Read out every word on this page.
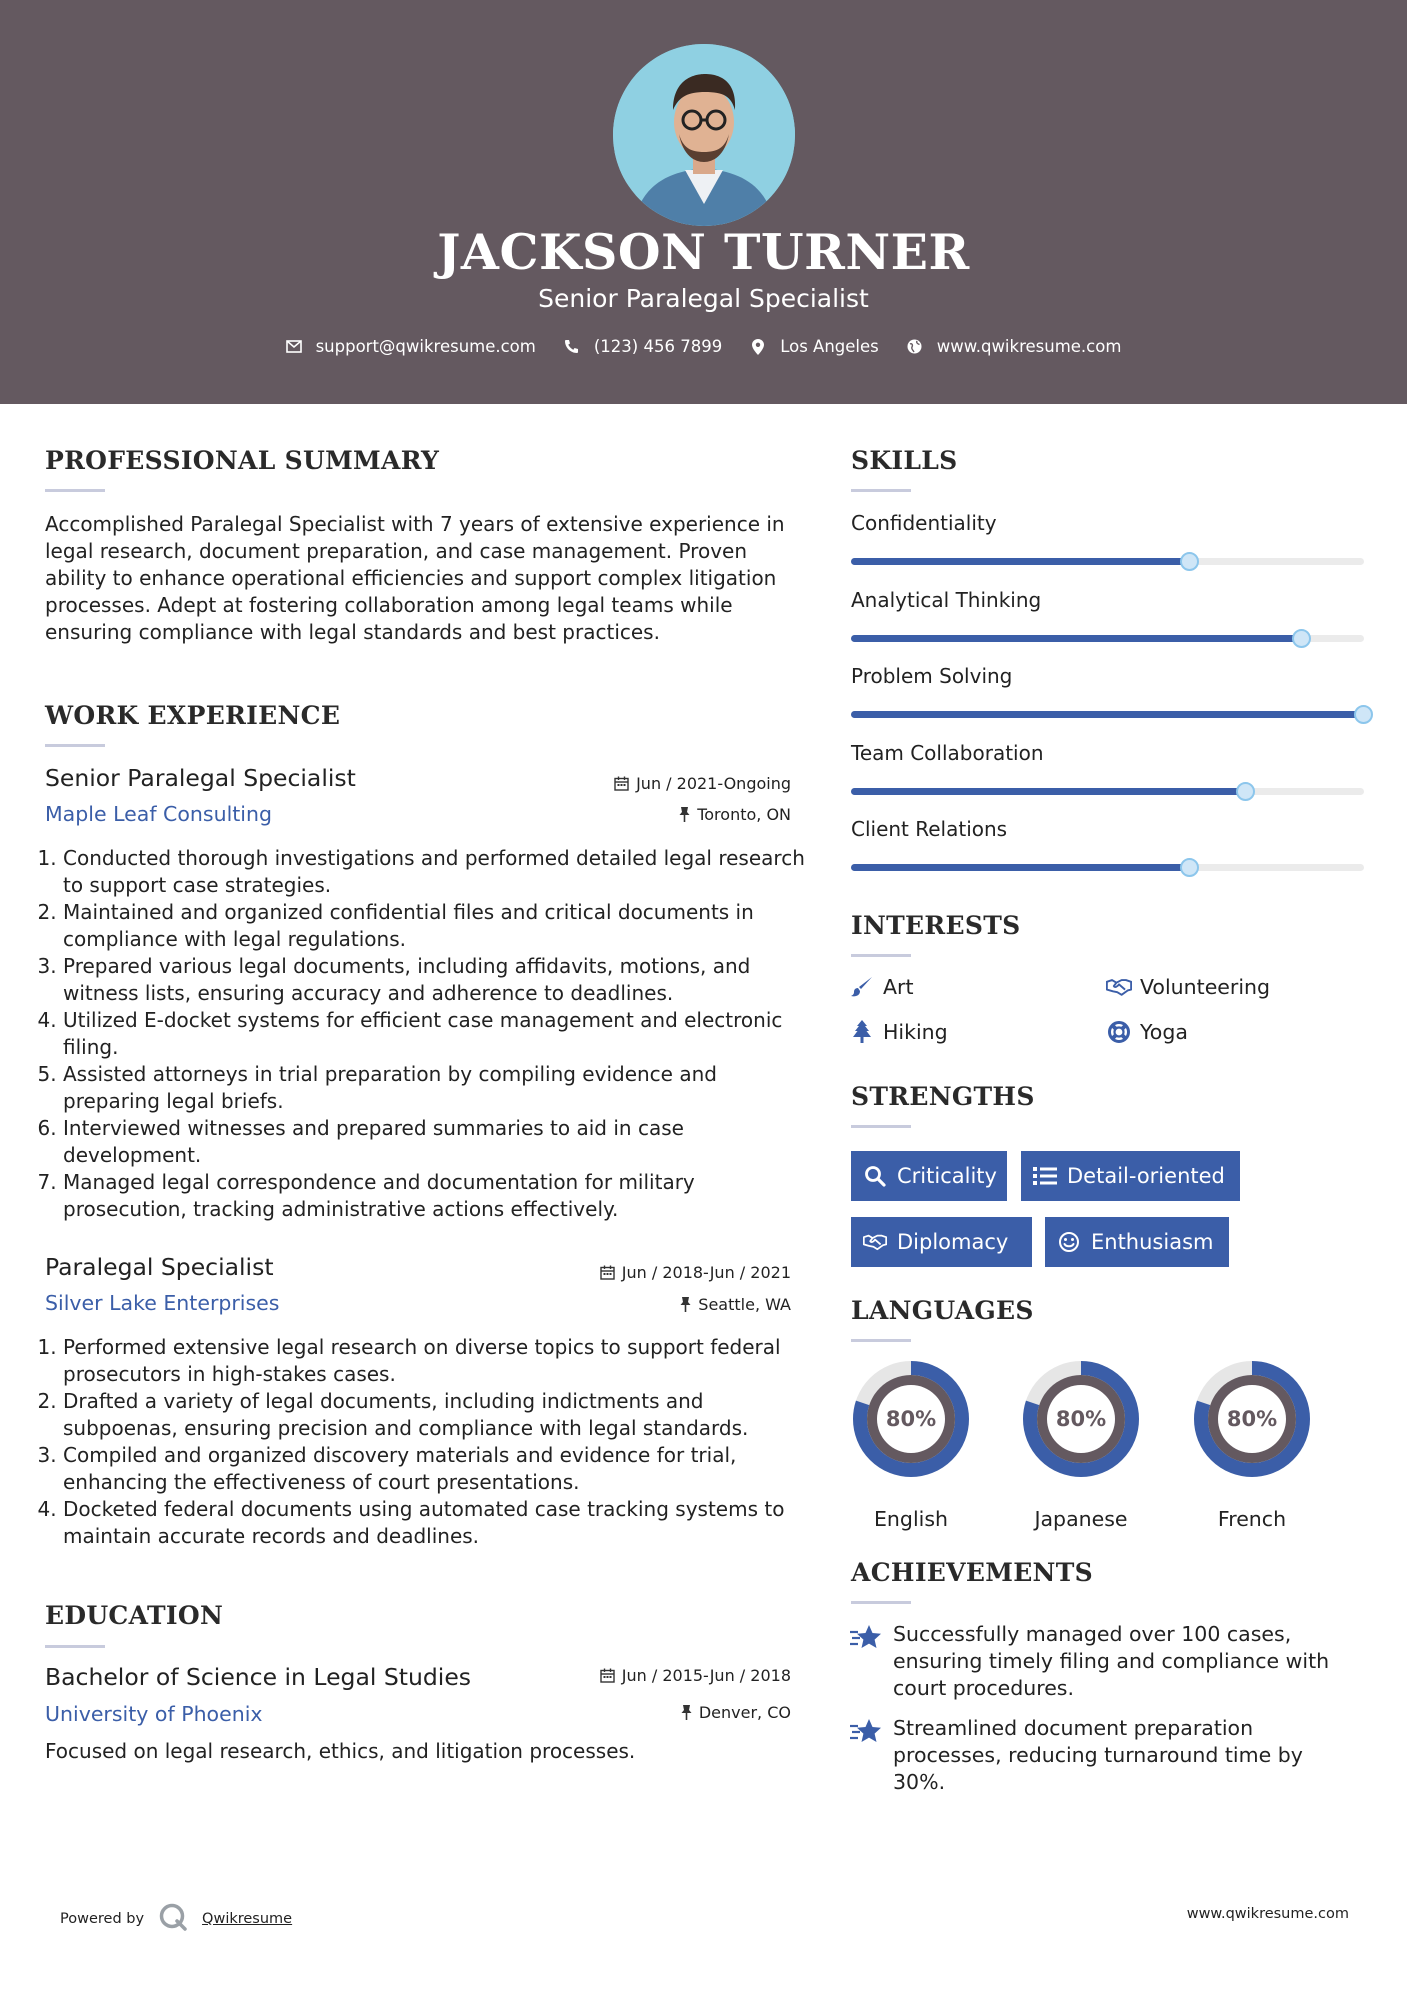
JACKSON TURNER
Senior Paralegal Specialist
support@qwikresume.com	(123) 456 7899	Los Angeles	www.qwikresume.com
PROFESSIONAL SUMMARY
Accomplished Paralegal Specialist with 7 years of extensive experience in legal research, document preparation, and case management. Proven ability to enhance operational efficiencies and support complex litigation processes. Adept at fostering collaboration among legal teams while ensuring compliance with legal standards and best practices.
WORK EXPERIENCE
Senior Paralegal Specialist
Maple Leaf Consulting
Jun / 2021-Ongoing
Toronto, ON
1. Conducted thorough investigations and performed detailed legal research to support case strategies.
2. Maintained and organized confidential files and critical documents in compliance with legal regulations.
3. Prepared various legal documents, including affidavits, motions, and witness lists, ensuring accuracy and adherence to deadlines.
4. Utilized E-docket systems for efficient case management and electronic filing.
5. Assisted attorneys in trial preparation by compiling evidence and preparing legal briefs.
6. Interviewed witnesses and prepared summaries to aid in case development.
7. Managed legal correspondence and documentation for military prosecution, tracking administrative actions effectively.
Paralegal Specialist
Silver Lake Enterprises
Jun / 2018-Jun / 2021
Seattle, WA
1. Performed extensive legal research on diverse topics to support federal prosecutors in high-stakes cases.
2. Drafted a variety of legal documents, including indictments and subpoenas, ensuring precision and compliance with legal standards.
3. Compiled and organized discovery materials and evidence for trial, enhancing the effectiveness of court presentations.
4. Docketed federal documents using automated case tracking systems to maintain accurate records and deadlines.
EDUCATION
Bachelor of Science in Legal Studies
University of Phoenix
Jun / 2015-Jun / 2018
Denver, CO
Focused on legal research, ethics, and litigation processes.
SKILLS
Confidentiality
Analytical Thinking
Problem Solving
Team Collaboration
Client Relations
INTERESTS
Art	Volunteering
Hiking	Yoga
STRENGTHS
Criticality	Detail-oriented
Diplomacy	Enthusiasm
LANGUAGES
80%
English
80%
Japanese
80%
French
ACHIEVEMENTS
Successfully managed over 100 cases, ensuring timely filing and compliance with court procedures.
Streamlined document preparation processes, reducing turnaround time by 30%.
Powered by	Qwikresume	www.qwikresume.com
